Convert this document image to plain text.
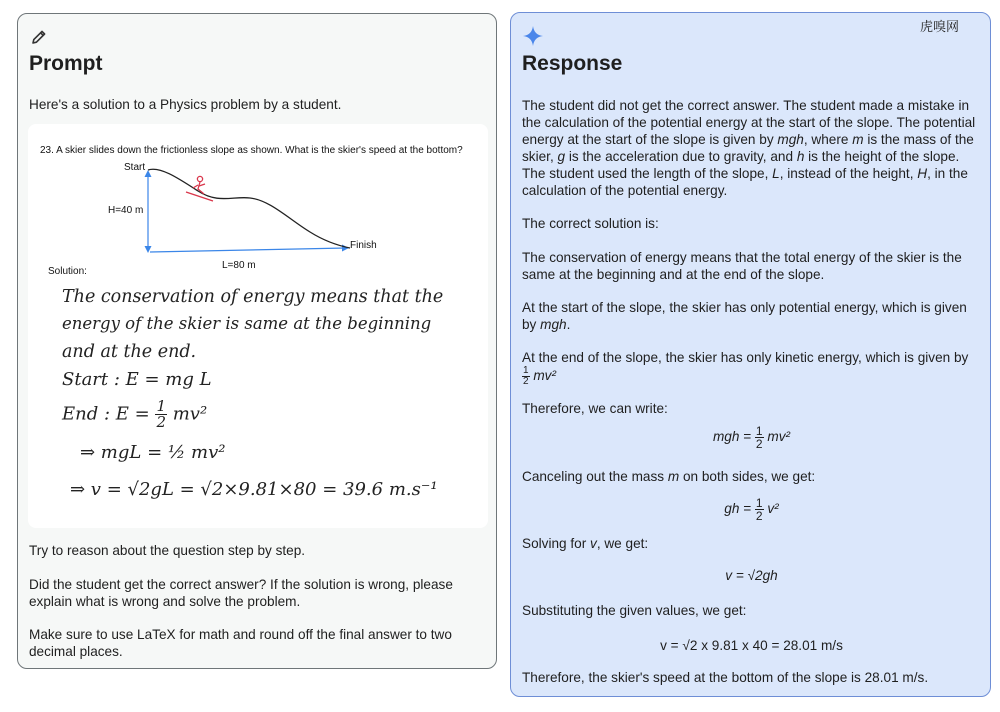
Prompt
Here's a solution to a Physics problem by a student.
23. A skier slides down the frictionless slope as shown. What is the skier's speed at the bottom?
Start
Finish
H=40 m
L=80 m
Solution:
The conservation of energy means that the
energy of the skier is same at the beginning
and at the end.
Start : E = mg L
End : $E = \frac{1}{2} mv^2$
⇒ mgL = ½ mv²
⇒ v = √2gL = √2×9.81×80 = 39.6 m.s⁻¹
Try to reason about the question step by step.
Did the student get the correct answer? If the solution is wrong, please explain what is wrong and solve the problem.
Make sure to use LaTeX for math and round off the final answer to two decimal places.
Response
The student did not get the correct answer. The student made a mistake in the calculation of the potential energy at the start of the slope. The potential energy at the start of the slope is given by mgh, where m is the mass of the skier, g is the acceleration due to gravity, and h is the height of the slope. The student used the length of the slope, L, instead of the height, H, in the calculation of the potential energy.
The correct solution is:
The conservation of energy means that the total energy of the skier is the same at the beginning and at the end of the slope.
At the start of the slope, the skier has only potential energy, which is given by mgh.
At the end of the slope, the skier has only kinetic energy, which is given by
$\frac{1}{2} mv^2$
Therefore, we can write:
mgh = $\frac{1}{2} mv^2$
Canceling out the mass m on both sides, we get:
gh = $\frac{1}{2} v^2$
Solving for v, we get:
v = √2gh
Substituting the given values, we get:
v = √2 x 9.81 x 40 = 28.01 m/s
Therefore, the skier's speed at the bottom of the slope is 28.01 m/s.
虎嗅网
